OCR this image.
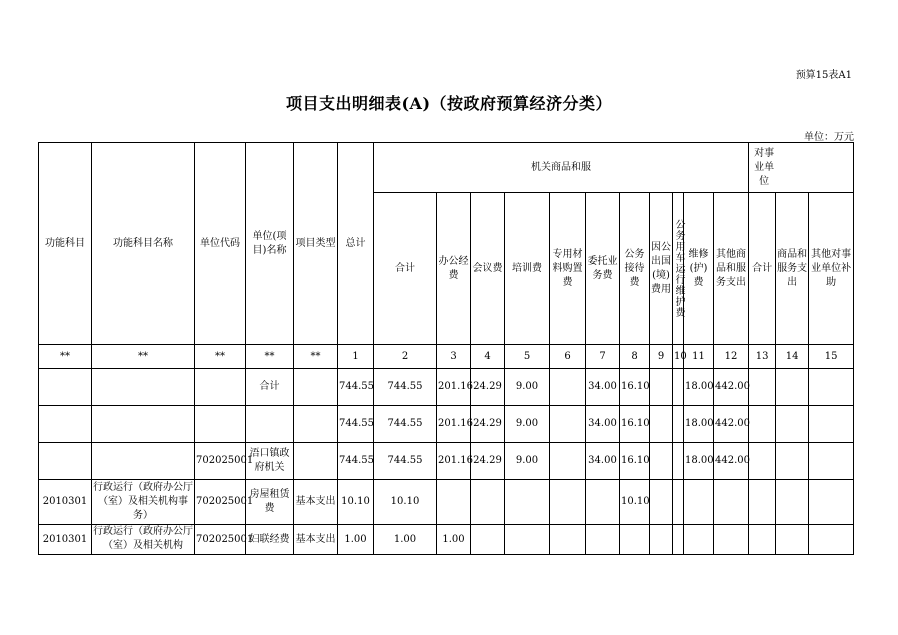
预算15表A1
项目支出明细表(A)（按政府预算经济分类）
单位：万元
功能科目	功能科目名称	单位代码	单位(项目)名称	项目类型	总计	机关商品和服											对事业单位		

						合计	办公经费	会议费	培训费	专用材料购置费	委托业务费	公务接待费	因公出国(境)费用	公务用车运行维护费	维修(护)费	其他商品和服务支出	合计	商品和服务支出	其他对事业单位补助
**	**	**	**	**	1	2	3	4	5	6	7	8	9	10	11	12	13	14	15
			合计		744.55	744.55	201.16	24.29	9.00		34.00	16.10			18.00	442.00			
					744.55	744.55	201.16	24.29	9.00		34.00	16.10			18.00	442.00			
		702025001	浯口镇政府机关		744.55	744.55	201.16	24.29	9.00		34.00	16.10			18.00	442.00			
2010301	行政运行（政府办公厅（室）及相关机构事务）	702025001	房屋租赁费	基本支出	10.10	10.10						10.10							
2010301	行政运行（政府办公厅（室）及相关机构	702025001	妇联经费	基本支出	1.00	1.00	1.00												
